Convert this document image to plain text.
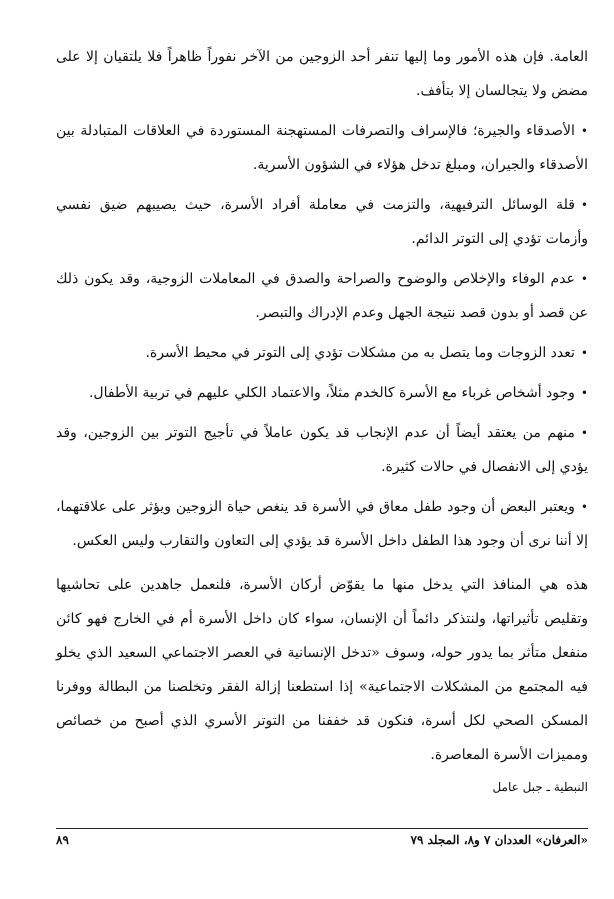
العامة. فإن هذه الأمور وما إليها تنفر أحد الزوجين من الآخر نفوراً ظاهراً فلا يلتقيان إلا على مضض ولا يتجالسان إلا بتأفف.

•الأصدقاء والجيرة؛ فالإسراف والتصرفات المستهجنة المستوردة في العلاقات المتبادلة بين الأصدقاء والجيران، ومبلغ تدخل هؤلاء في الشؤون الأسرية.

•قلة الوسائل الترفيهية، والتزمت في معاملة أفراد الأسرة، حيث يصيبهم ضيق نفسي وأزمات تؤدي إلى التوتر الدائم.

•عدم الوفاء والإخلاص والوضوح والصراحة والصدق في المعاملات الزوجية، وقد يكون ذلك عن قصد أو بدون قصد نتيجة الجهل وعدم الإدراك والتبصر.

•تعدد الزوجات وما يتصل به من مشكلات تؤدي إلى التوتر في محيط الأسرة.

•وجود أشخاص غرباء مع الأسرة كالخدم مثلاً، والاعتماد الكلي عليهم في تربية الأطفال.

•منهم من يعتقد أيضاً أن عدم الإنجاب قد يكون عاملاً في تأجيج التوتر بين الزوجين، وقد يؤدي إلى الانفصال في حالات كثيرة.

•ويعتبر البعض أن وجود طفل معاق في الأسرة قد ينغص حياة الزوجين ويؤثر على علاقتهما، إلا أننا نرى أن وجود هذا الطفل داخل الأسرة قد يؤدي إلى التعاون والتقارب وليس العكس.

هذه هي المنافذ التي يدخل منها ما يقوّض أركان الأسرة، فلنعمل جاهدين على تحاشيها وتقليص تأثيراتها، ولنتذكر دائماً أن الإنسان، سواء كان داخل الأسرة أم في الخارج فهو كائن منفعل متأثر بما يدور حوله، وسوف «تدخل الإنسانية في العصر الاجتماعي السعيد الذي يخلو فيه المجتمع من المشكلات الاجتماعية» إذا استطعنا إزالة الفقر وتخلصنا من البطالة ووفرنا المسكن الصحي لكل أسرة، فنكون قد خففنا من التوتر الأسري الذي أصبح من خصائص ومميزات الأسرة المعاصرة.

النبطية ـ جبل عامل
٨٩	«العرفان» العددان ٧ و٨، المجلد ٧٩
